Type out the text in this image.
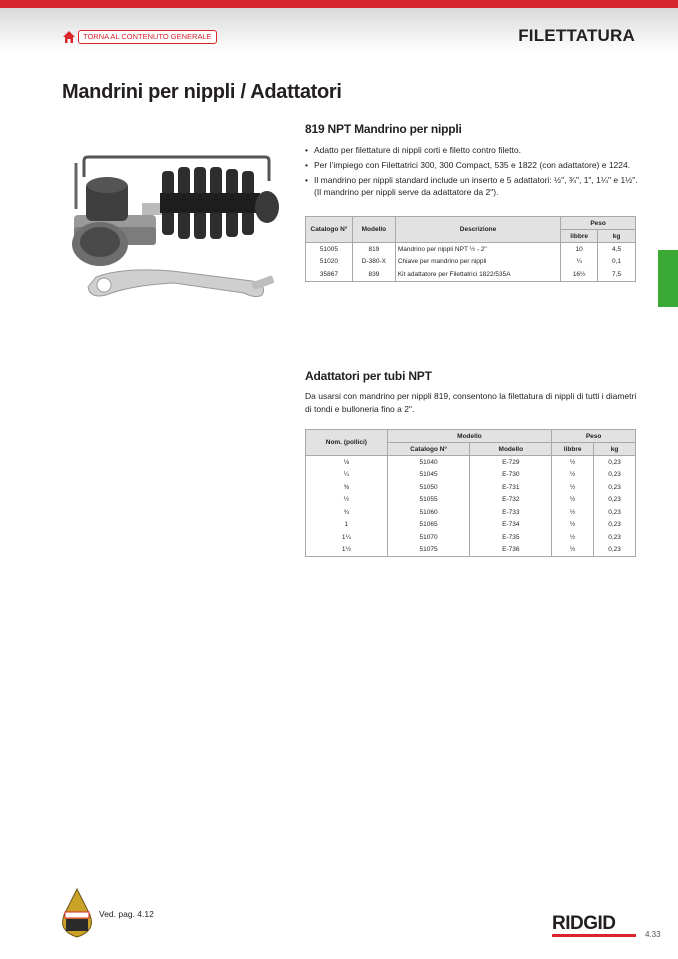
TORNA AL CONTENUTO GENERALE	FILETTATURA
Mandrini per nippli / Adattatori
819 NPT Mandrino per nippli
• Adatto per filettature di nippli corti e filetto contro filetto.
• Per l’impiego con Filettatrici 300, 300 Compact, 535 e 1822 (con adattatore) e 1224.
• Il mandrino per nippli standard include un inserto e 5 adattatori: ½", ¾", 1", 1¼" e 1½".
(Il mandrino per nippli serve da adattatore da 2").
Catalogo N°	Modello	Descrizione	Peso	
			libbre	kg
51005	819	Mandrino per nippli NPT ½ - 2"	10	4,5
51020	D-380-X	Chiave per mandrino per nippli	¼	0,1
35867	839	Kit adattatore per Filettatrici 1822/535A	16½	7,5
Adattatori per tubi NPT
Da usarsi con mandrino per nippli 819, consentono la filettatura di nippli di tutti i diametri di tondi e bulloneria fino a 2".
Nom. (pollici)	Modello		Peso	
	Catalogo N°	Modello	libbre	kg
⅛	51040	E-729	½	0,23
¼	51045	E-730	½	0,23
⅜	51050	E-731	½	0,23
½	51055	E-732	½	0,23
¾	51060	E-733	½	0,23
1	51065	E-734	½	0,23
1¼	51070	E-735	½	0,23
1½	51075	E-736	½	0,23
Ved. pag. 4.12	RIDGID
4.33
